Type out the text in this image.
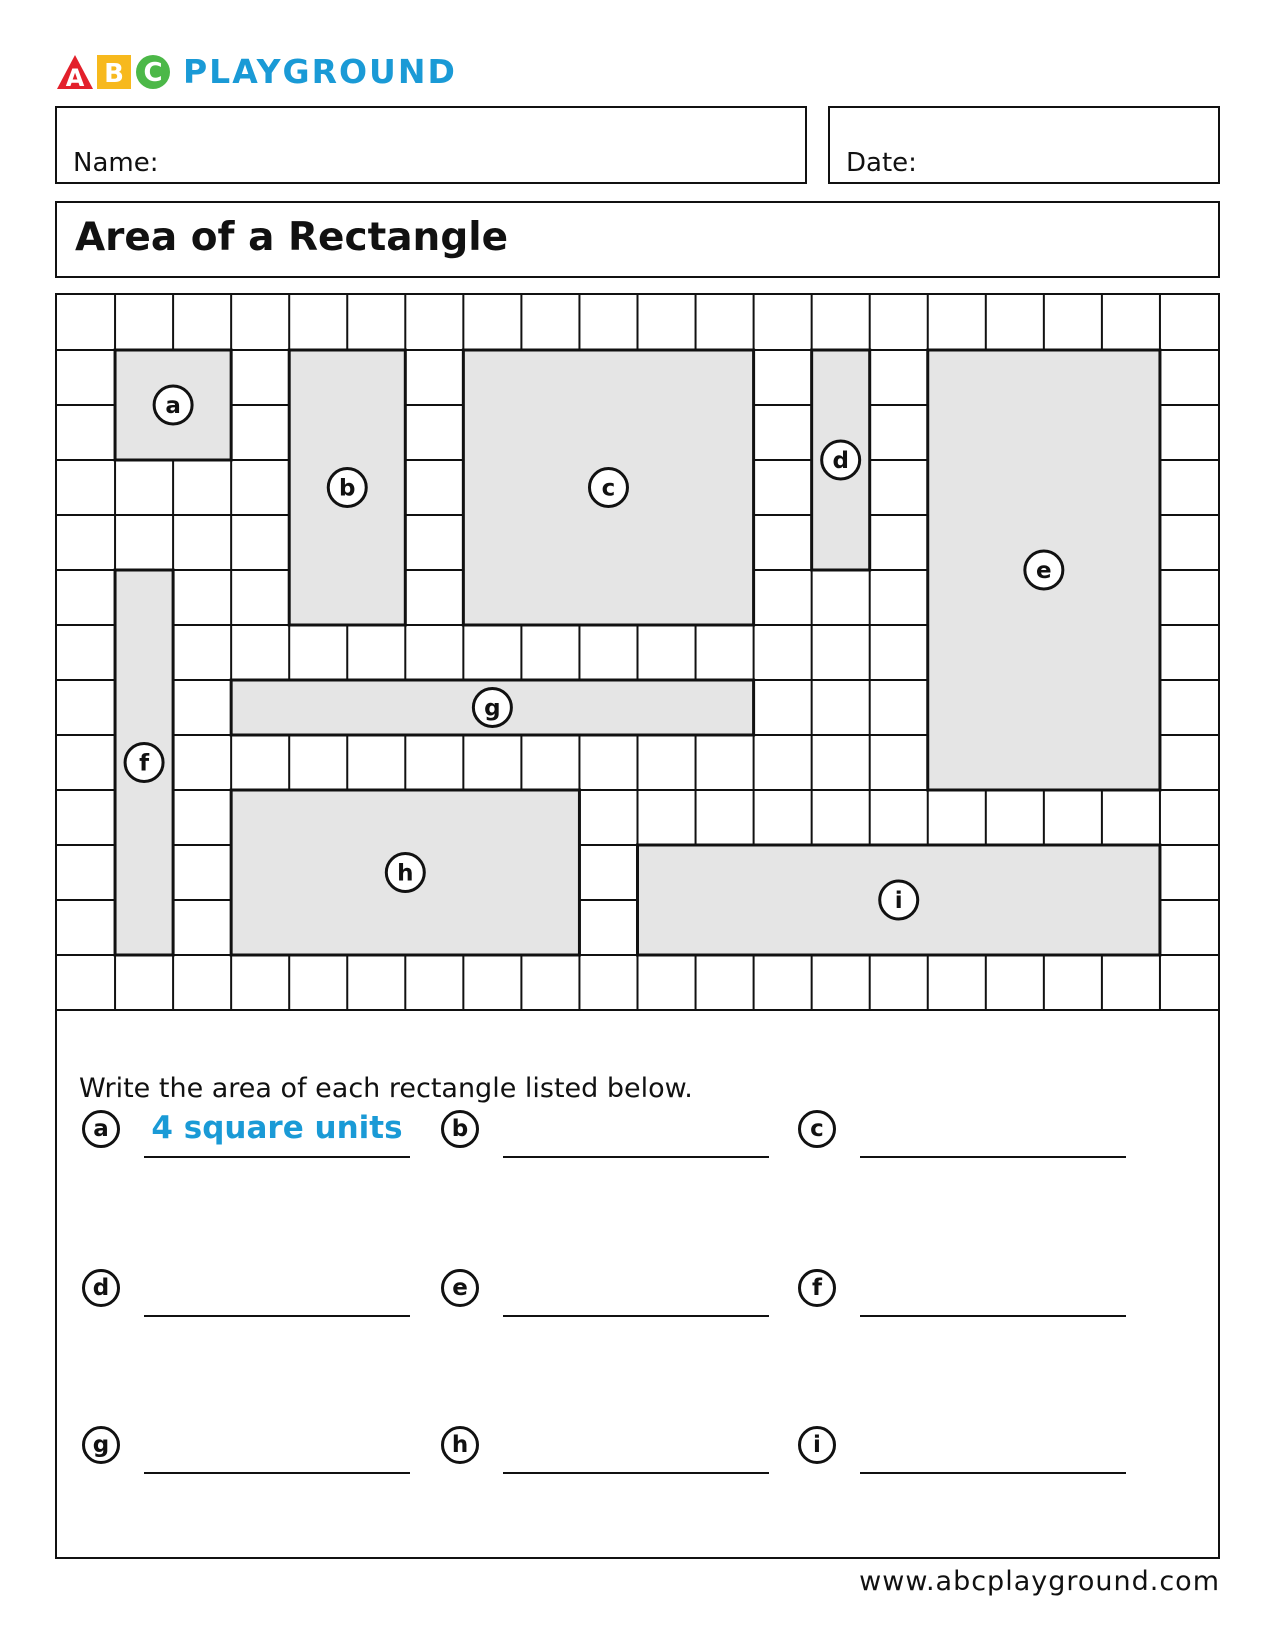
A B C PLAYGROUND
Name:	Date:
Area of a Rectangle
a
b	c
d
e
f
g
h
i
Write the area of each rectangle listed below.
a	4 square units	b	c
d	e	f
g	h	i
www.abcplayground.com
